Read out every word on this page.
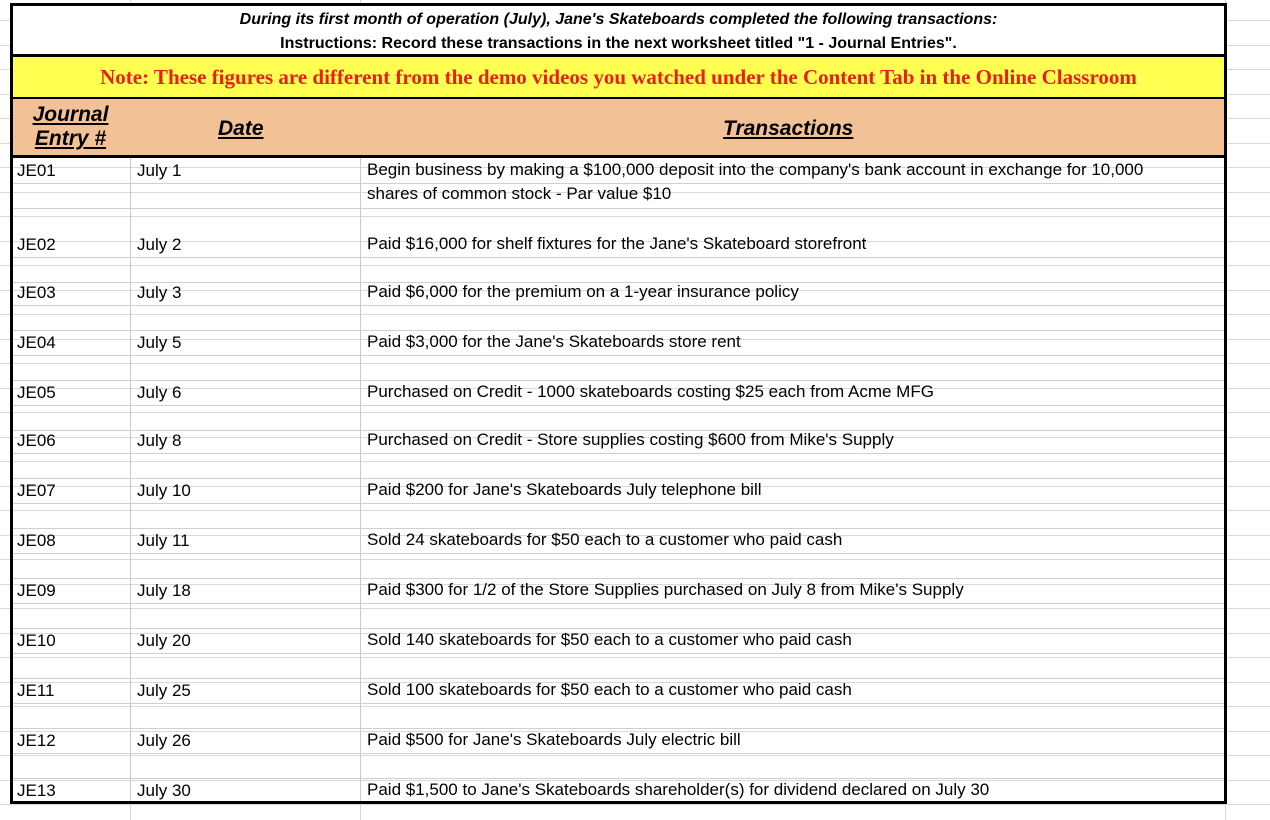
During its first month of operation (July), Jane's Skateboards completed the following transactions:
Instructions: Record these transactions in the next worksheet titled "1 - Journal Entries".
Note: These figures are different from the demo videos you watched under the Content Tab in the Online Classroom
Journal
Entry #	Date	Transactions
JE01	July 1	Begin business by making a $100,000 deposit into the company's bank account in exchange for 10,000 shares of common stock - Par value $10
JE02	July 2	Paid $16,000 for shelf fixtures for the Jane's Skateboard storefront
JE03	July 3	Paid $6,000 for the premium on a 1-year insurance policy
JE04	July 5	Paid $3,000 for the Jane's Skateboards store rent
JE05	July 6	Purchased on Credit - 1000 skateboards costing $25 each from Acme MFG
JE06	July 8	Purchased on Credit - Store supplies costing $600 from Mike's Supply
JE07	July 10	Paid $200 for Jane's Skateboards July telephone bill
JE08	July 11	Sold 24 skateboards for $50 each to a customer who paid cash
JE09	July 18	Paid $300 for 1/2 of the Store Supplies purchased on July 8 from Mike's Supply
JE10	July 20	Sold 140 skateboards for $50 each to a customer who paid cash
JE11	July 25	Sold 100 skateboards for $50 each to a customer who paid cash
JE12	July 26	Paid $500 for Jane's Skateboards July electric bill
JE13	July 30	Paid $1,500 to Jane's Skateboards shareholder(s) for dividend declared on July 30
